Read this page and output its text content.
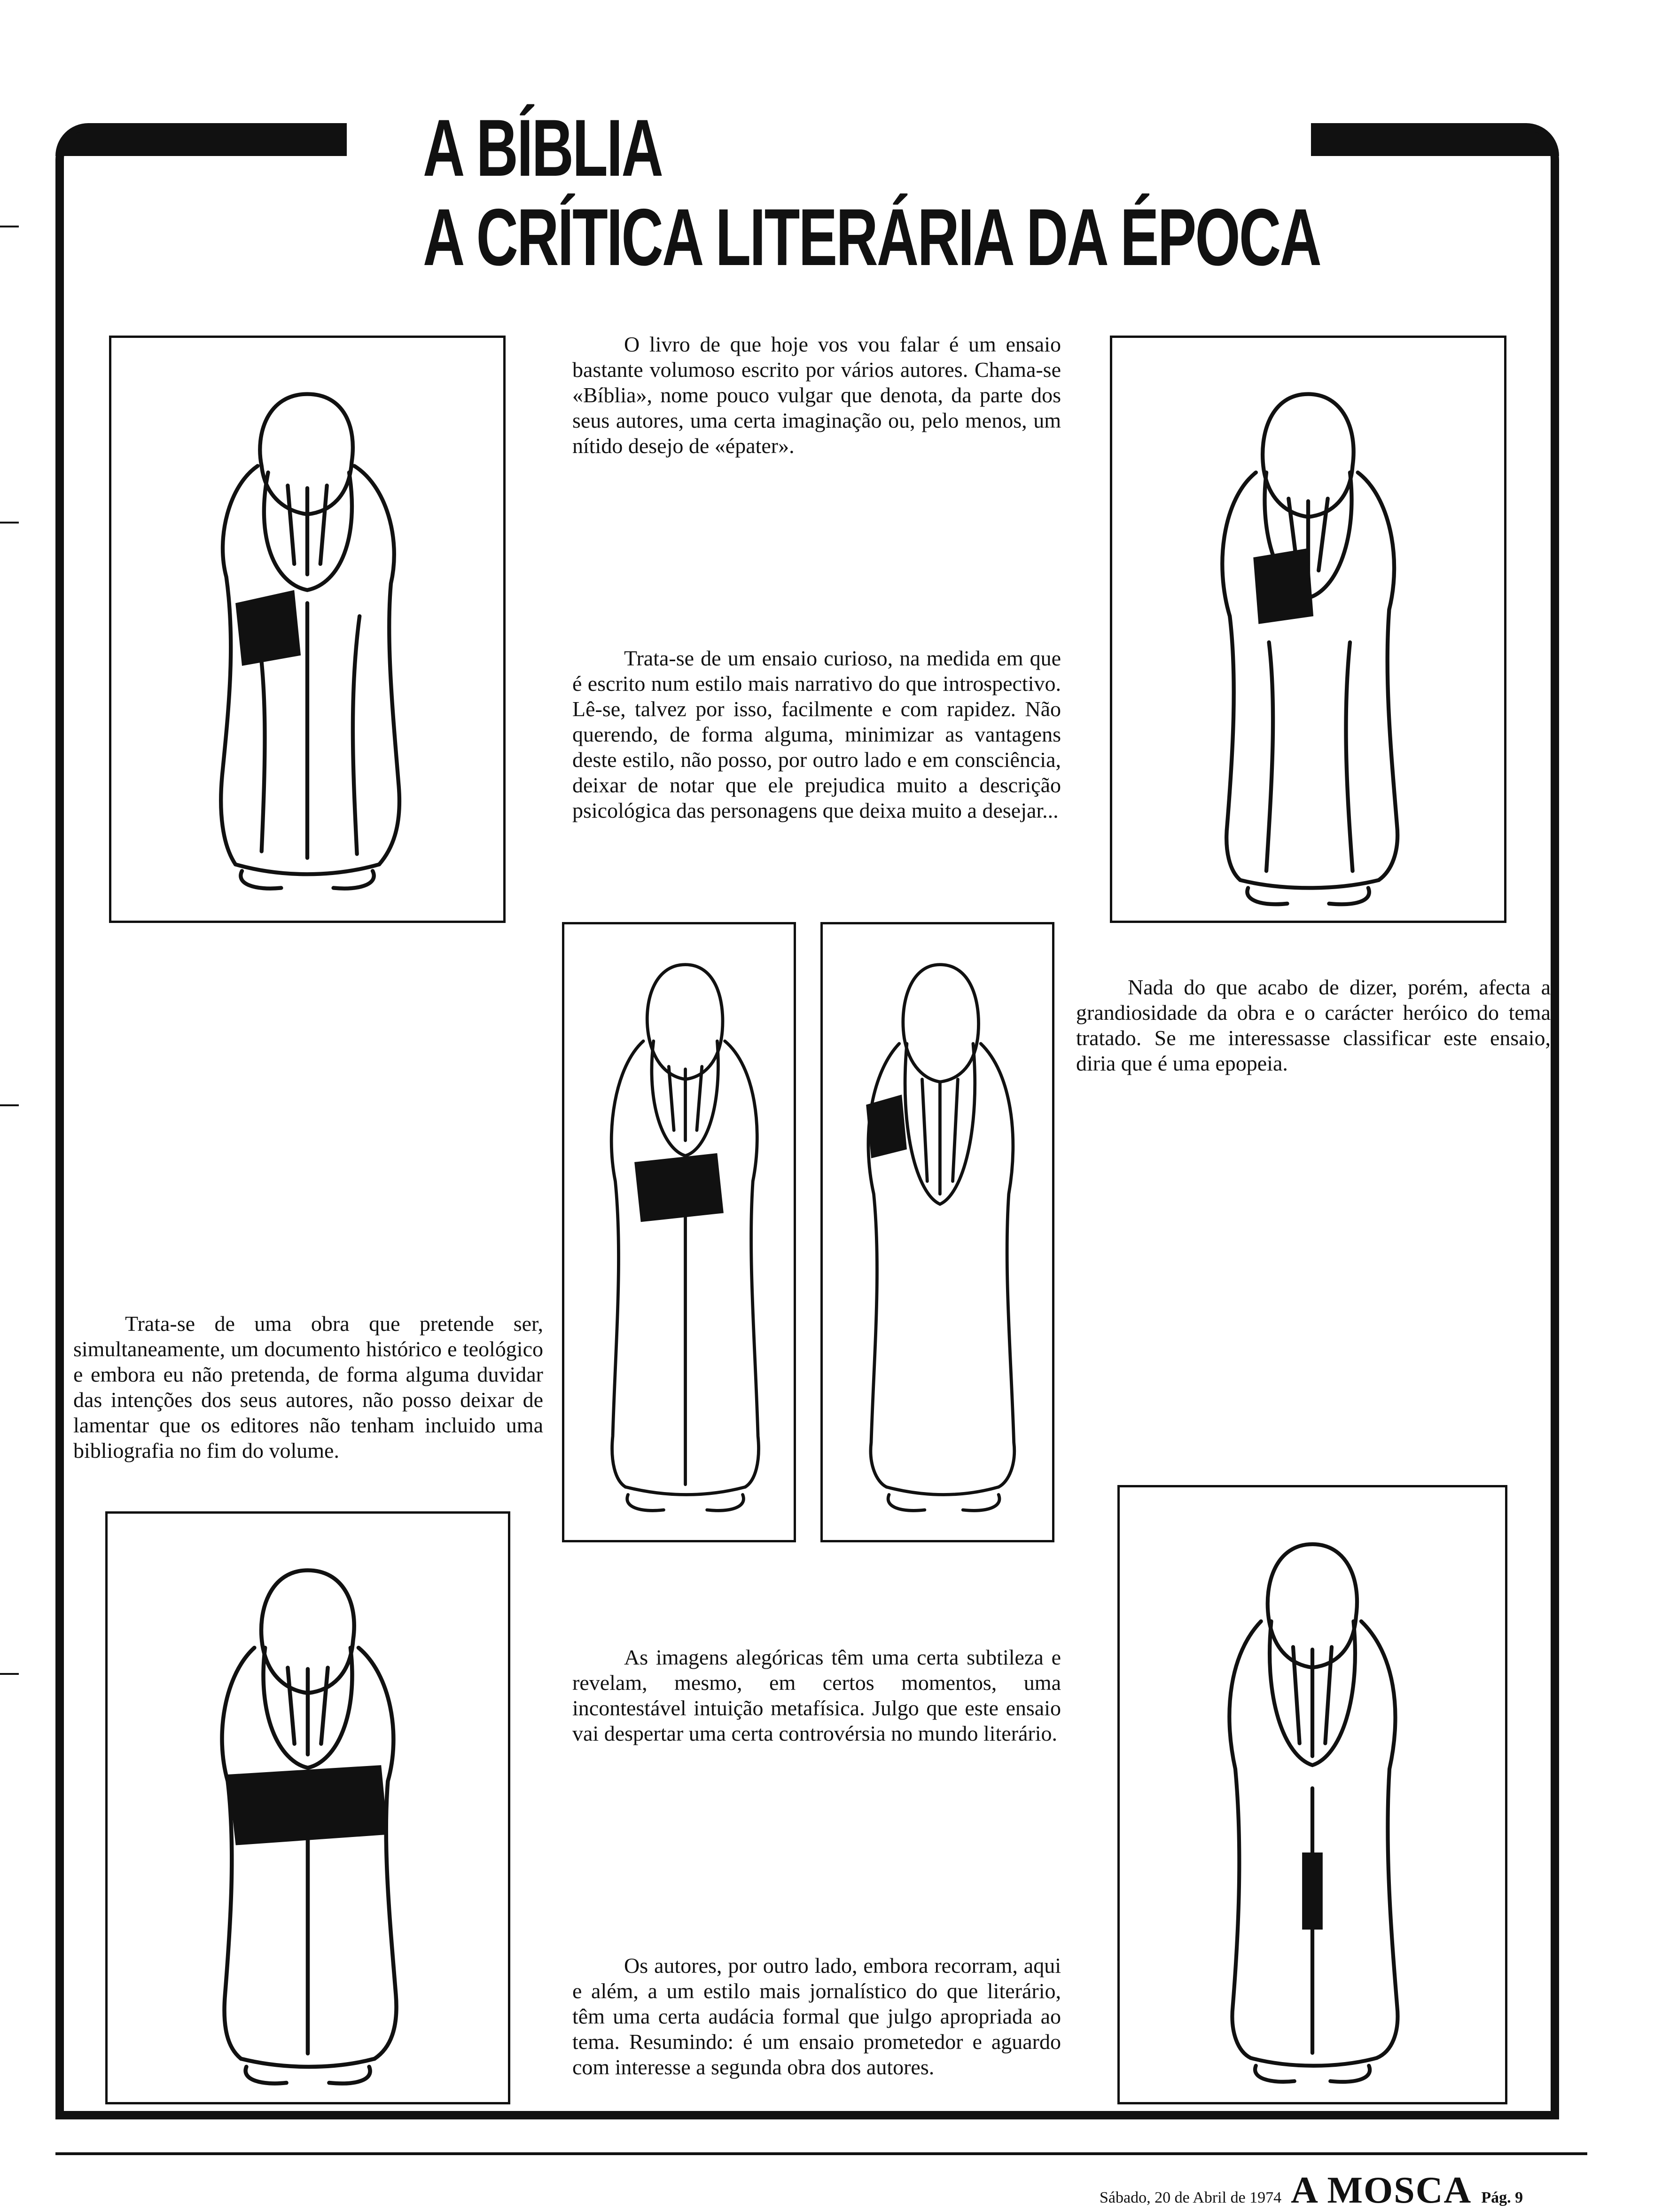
A BÍBLIA
A CRÍTICA LITERÁRIA DA ÉPOCA

O livro de que hoje vos vou falar é um ensaio bastante volumoso escrito por vários autores. Chama-se «Bíblia», nome pouco vulgar que denota, da parte dos seus autores, uma certa imaginação ou, pelo menos, um nítido desejo de «épater».

Trata-se de um ensaio curioso, na medida em que é escrito num estilo mais narrativo do que introspectivo. Lê-se, talvez por isso, facilmente e com rapidez. Não querendo, de forma alguma, minimizar as vantagens deste estilo, não posso, por outro lado e em consciência, deixar de notar que ele prejudica muito a descrição psicológica das personagens que deixa muito a desejar...

Nada do que acabo de dizer, porém, afecta a grandiosidade da obra e o carácter heróico do tema tratado. Se me interessasse classificar este ensaio, diria que é uma epopeia.

Trata-se de uma obra que pretende ser, simultaneamente, um documento histórico e teológico e embora eu não pretenda, de forma alguma duvidar das intenções dos seus autores, não posso deixar de lamentar que os editores não tenham incluido uma bibliografia no fim do volume.

As imagens alegóricas têm uma certa subtileza e revelam, mesmo, em certos momentos, uma incontestável intuição metafísica. Julgo que este ensaio vai despertar uma certa controvérsia no mundo literário.

Os autores, por outro lado, embora recorram, aqui e além, a um estilo mais jornalístico do que literário, têm uma certa audácia formal que julgo apropriada ao tema. Resumindo: é um ensaio prometedor e aguardo com interesse a segunda obra dos autores.

Sábado, 20 de Abril de 1974 A MOSCA Pág. 9
